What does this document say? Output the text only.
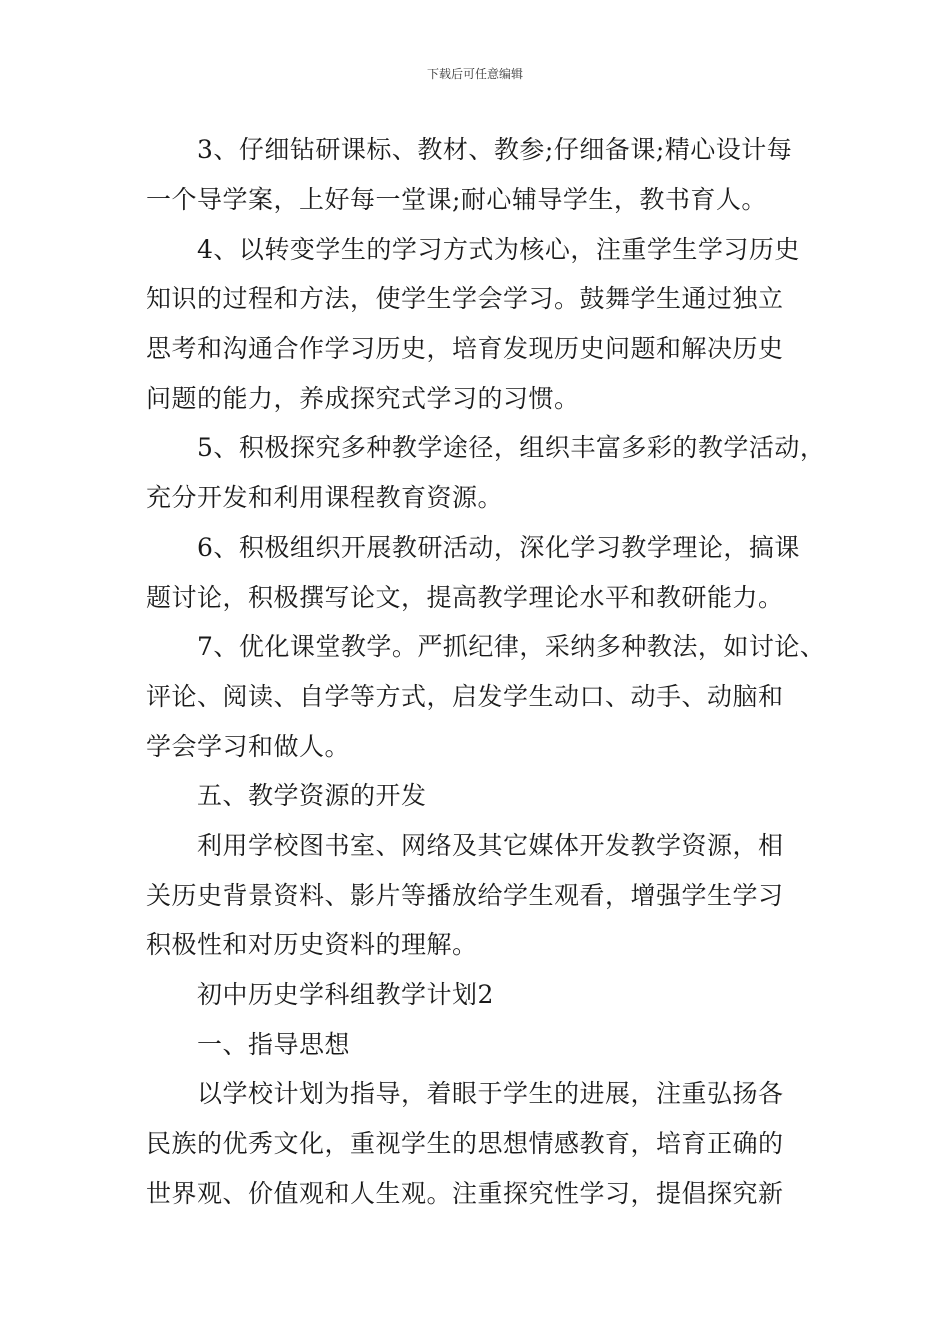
下载后可任意编辑
3、仔细钻研课标、教材、教参;仔细备课;精心设计每
一个导学案，上好每一堂课;耐心辅导学生，教书育人。
4、以转变学生的学习方式为核心，注重学生学习历史
知识的过程和方法，使学生学会学习。鼓舞学生通过独立
思考和沟通合作学习历史，培育发现历史问题和解决历史
问题的能力，养成探究式学习的习惯。
5、积极探究多种教学途径，组织丰富多彩的教学活动，
充分开发和利用课程教育资源。
6、积极组织开展教研活动，深化学习教学理论，搞课
题讨论，积极撰写论文，提高教学理论水平和教研能力。
7、优化课堂教学。严抓纪律，采纳多种教法，如讨论、
评论、阅读、自学等方式，启发学生动口、动手、动脑和
学会学习和做人。
五、教学资源的开发
利用学校图书室、网络及其它媒体开发教学资源，相
关历史背景资料、影片等播放给学生观看，增强学生学习
积极性和对历史资料的理解。
初中历史学科组教学计划2
一、指导思想
以学校计划为指导，着眼于学生的进展，注重弘扬各
民族的优秀文化，重视学生的思想情感教育，培育正确的
世界观、价值观和人生观。注重探究性学习，提倡探究新
